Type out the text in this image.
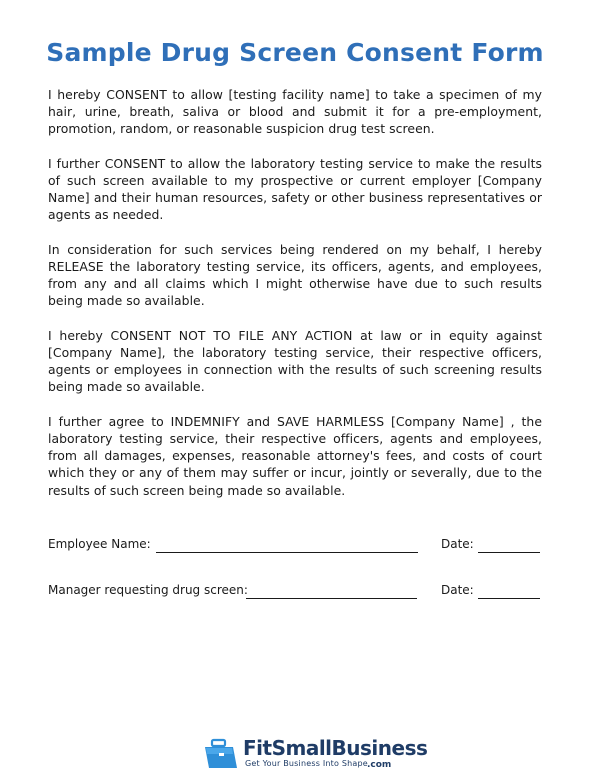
Sample Drug Screen Consent Form

I hereby CONSENT to allow [testing facility name] to take a specimen of my hair, urine, breath, saliva or blood and submit it for a pre-employment, promotion, random, or reasonable suspicion drug test screen.

I further CONSENT to allow the laboratory testing service to make the results of such screen available to my prospective or current employer [Company Name] and their human resources, safety or other business representatives or agents as needed.

In consideration for such services being rendered on my behalf, I hereby RELEASE the laboratory testing service, its officers, agents, and employees, from any and all claims which I might otherwise have due to such results being made so available.

I hereby CONSENT NOT TO FILE ANY ACTION at law or in equity against [Company Name], the laboratory testing service, their respective officers, agents or employees in connection with the results of such screening results being made so available.

I further agree to INDEMNIFY and SAVE HARMLESS [Company Name] , the laboratory testing service, their respective officers, agents and employees, from all damages, expenses, reasonable attorney's fees, and costs of court which they or any of them may suffer or incur, jointly or severally, due to the results of such screen being made so available.

Employee Name:	Date:
Manager requesting drug screen:	Date:
FitSmallBusiness
Get Your Business Into Shape .com
